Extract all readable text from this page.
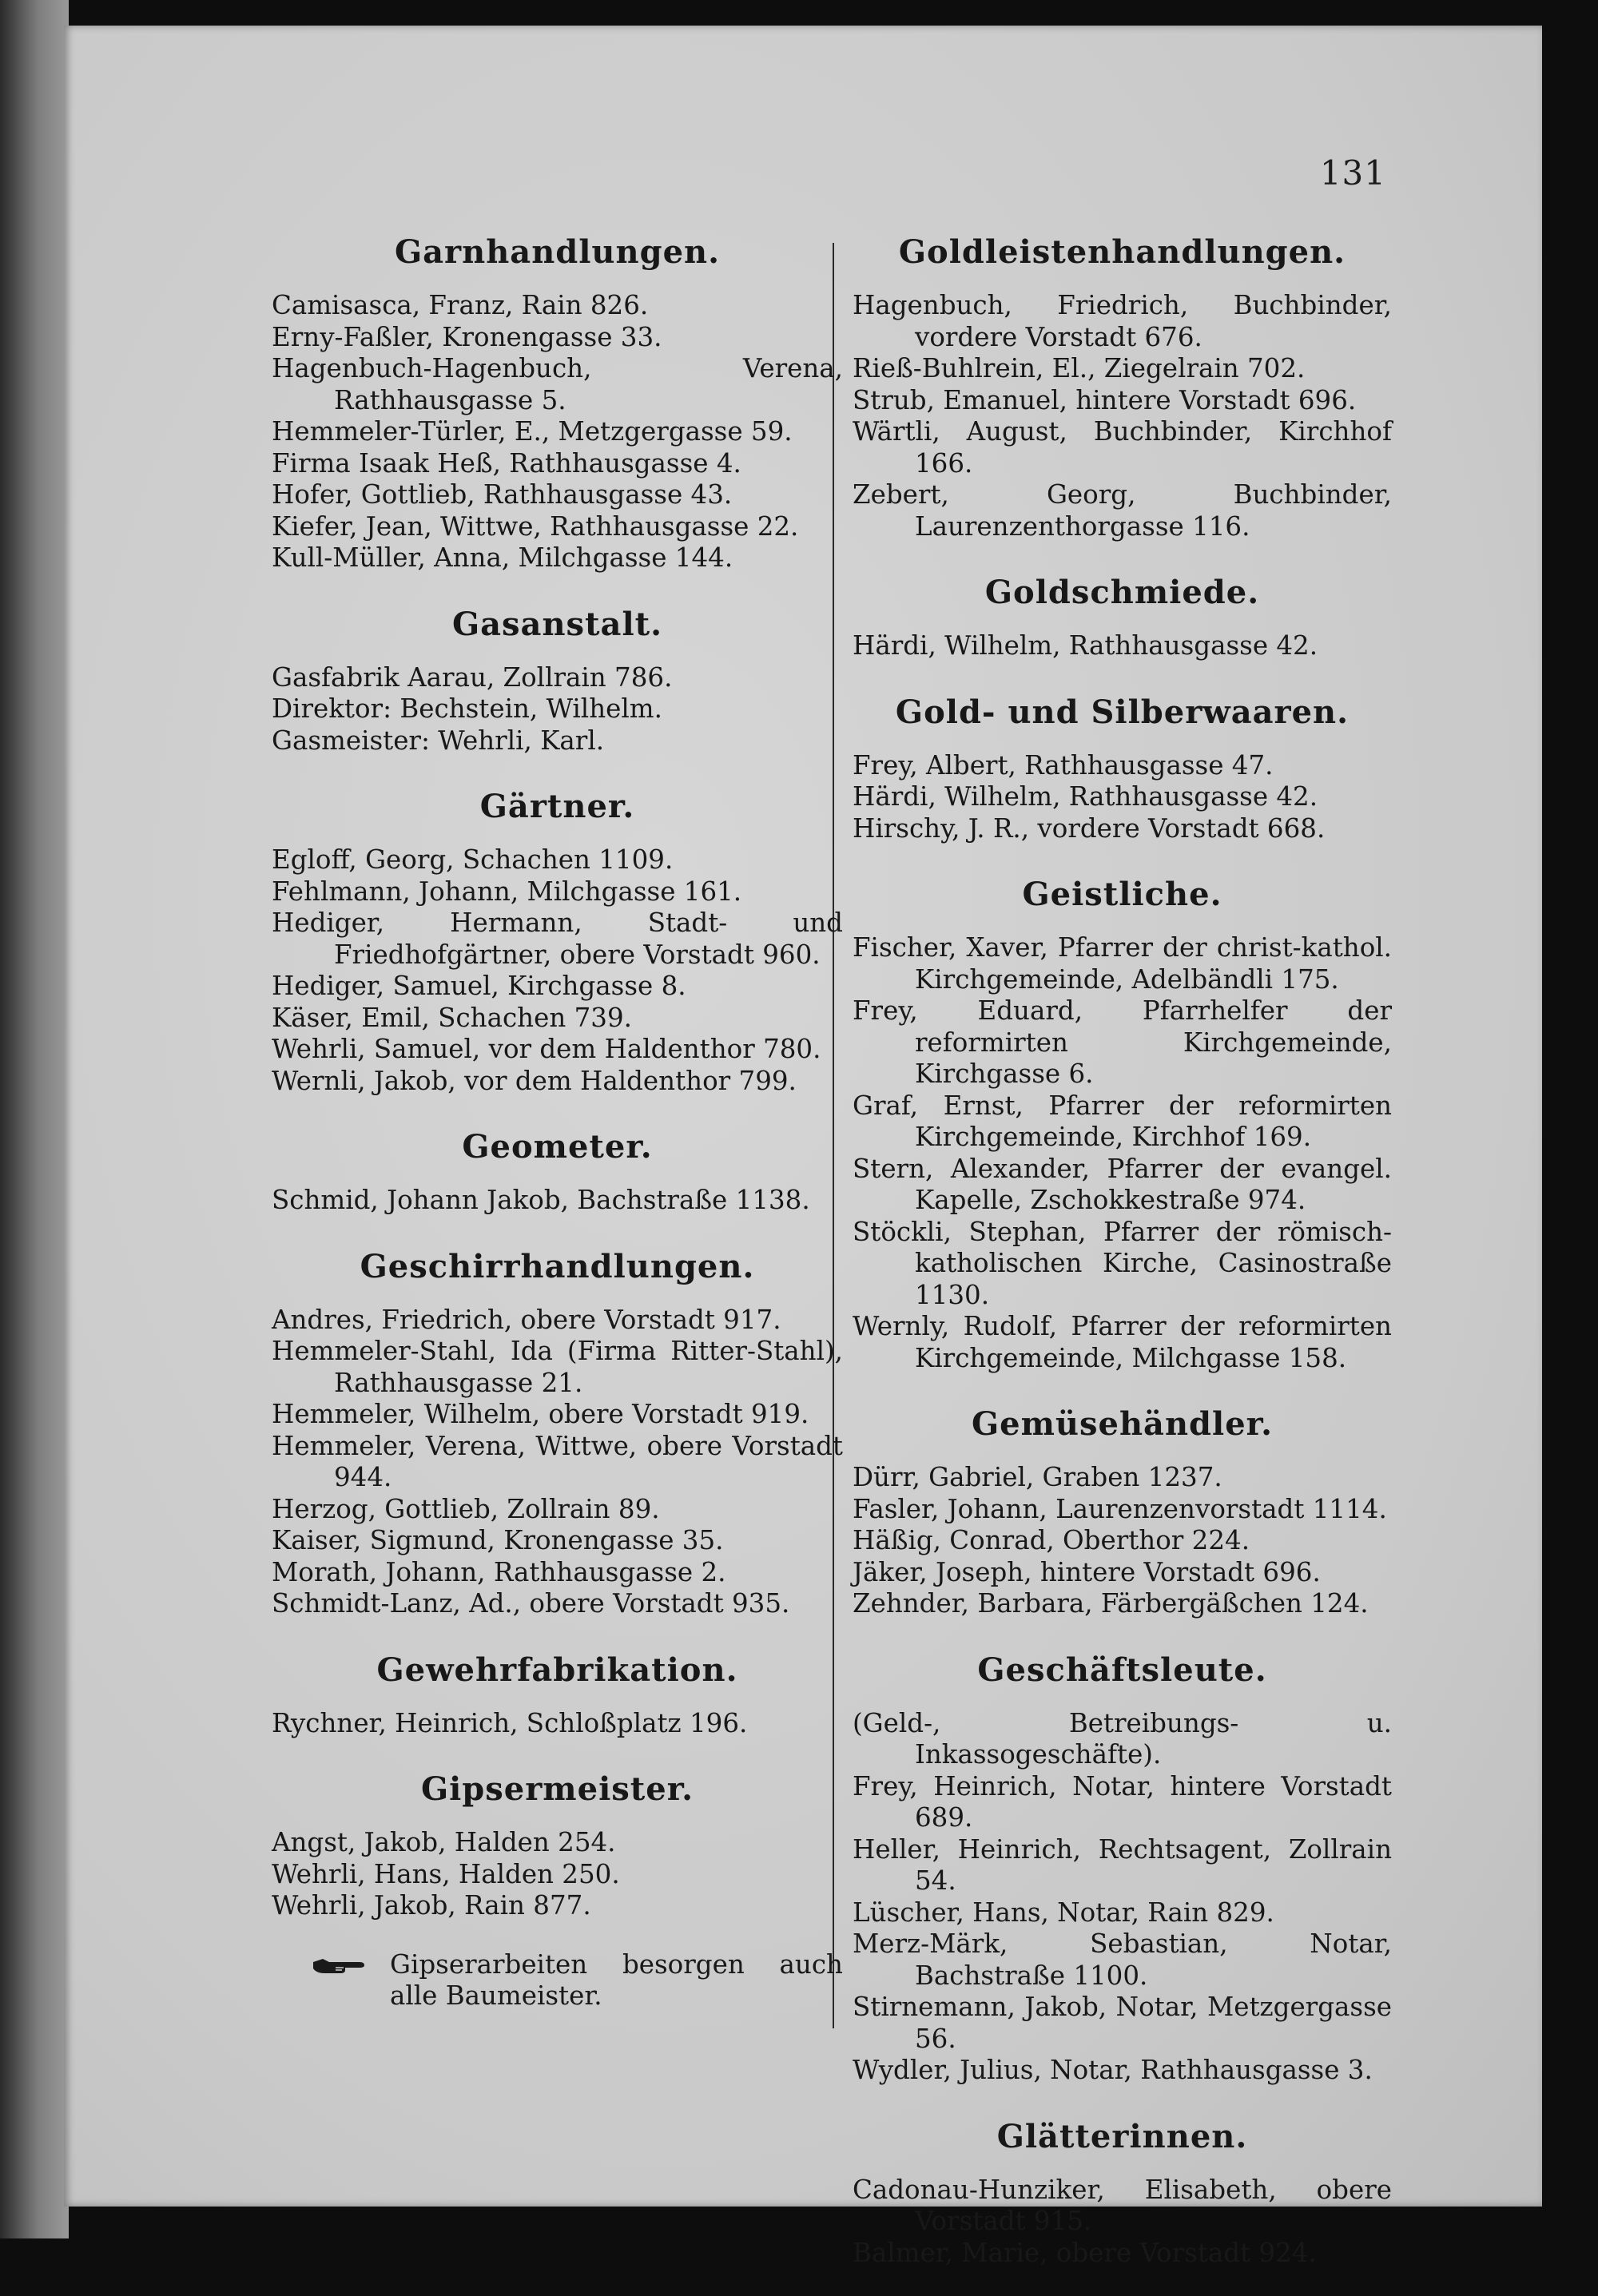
131
Garnhandlungen.

Camisasca, Franz, Rain 826.

Erny-Faßler, Kronengasse 33.

Hagenbuch-Hagenbuch, Verena, Rathhausgasse 5.

Hemmeler-Türler, E., Metzgergasse 59.

Firma Isaak Heß, Rathhausgasse 4.

Hofer, Gottlieb, Rathhausgasse 43.

Kiefer, Jean, Wittwe, Rathhausgasse 22.

Kull-Müller, Anna, Milchgasse 144.

Gasanstalt.

Gasfabrik Aarau, Zollrain 786.

Direktor: Bechstein, Wilhelm.

Gasmeister: Wehrli, Karl.

Gärtner.

Egloff, Georg, Schachen 1109.

Fehlmann, Johann, Milchgasse 161.

Hediger, Hermann, Stadt- und Friedhofgärtner, obere Vorstadt 960.

Hediger, Samuel, Kirchgasse 8.

Käser, Emil, Schachen 739.

Wehrli, Samuel, vor dem Haldenthor 780.

Wernli, Jakob, vor dem Haldenthor 799.

Geometer.

Schmid, Johann Jakob, Bachstraße 1138.

Geschirrhandlungen.

Andres, Friedrich, obere Vorstadt 917.

Hemmeler-Stahl, Ida (Firma Ritter-Stahl), Rathhausgasse 21.

Hemmeler, Wilhelm, obere Vorstadt 919.

Hemmeler, Verena, Wittwe, obere Vorstadt 944.

Herzog, Gottlieb, Zollrain 89.

Kaiser, Sigmund, Kronengasse 35.

Morath, Johann, Rathhausgasse 2.

Schmidt-Lanz, Ad., obere Vorstadt 935.

Gewehrfabrikation.

Rychner, Heinrich, Schloßplatz 196.

Gipsermeister.

Angst, Jakob, Halden 254.

Wehrli, Hans, Halden 250.

Wehrli, Jakob, Rain 877.

Gipserarbeiten besorgen auch alle Baumeister.
Goldleistenhandlungen.

Hagenbuch, Friedrich, Buchbinder, vordere Vorstadt 676.

Rieß-Buhlrein, El., Ziegelrain 702.

Strub, Emanuel, hintere Vorstadt 696.

Wärtli, August, Buchbinder, Kirchhof 166.

Zebert, Georg, Buchbinder, Laurenzenthorgasse 116.

Goldschmiede.

Härdi, Wilhelm, Rathhausgasse 42.

Gold- und Silberwaaren.

Frey, Albert, Rathhausgasse 47.

Härdi, Wilhelm, Rathhausgasse 42.

Hirschy, J. R., vordere Vorstadt 668.

Geistliche.

Fischer, Xaver, Pfarrer der christ-kathol. Kirchgemeinde, Adelbändli 175.

Frey, Eduard, Pfarrhelfer der reformirten Kirchgemeinde, Kirchgasse 6.

Graf, Ernst, Pfarrer der reformirten Kirchgemeinde, Kirchhof 169.

Stern, Alexander, Pfarrer der evangel. Kapelle, Zschokkestraße 974.

Stöckli, Stephan, Pfarrer der römisch-katholischen Kirche, Casinostraße 1130.

Wernly, Rudolf, Pfarrer der reformirten Kirchgemeinde, Milchgasse 158.

Gemüsehändler.

Dürr, Gabriel, Graben 1237.

Fasler, Johann, Laurenzenvorstadt 1114.

Häßig, Conrad, Oberthor 224.

Jäker, Joseph, hintere Vorstadt 696.

Zehnder, Barbara, Färbergäßchen 124.

Geschäftsleute.

(Geld-, Betreibungs- u. Inkassogeschäfte).

Frey, Heinrich, Notar, hintere Vorstadt 689.

Heller, Heinrich, Rechtsagent, Zollrain 54.

Lüscher, Hans, Notar, Rain 829.

Merz-Märk, Sebastian, Notar, Bachstraße 1100.

Stirnemann, Jakob, Notar, Metzgergasse 56.

Wydler, Julius, Notar, Rathhausgasse 3.

Glätterinnen.

Cadonau-Hunziker, Elisabeth, obere Vorstadt 915.

Balmer, Marie, obere Vorstadt 924.
